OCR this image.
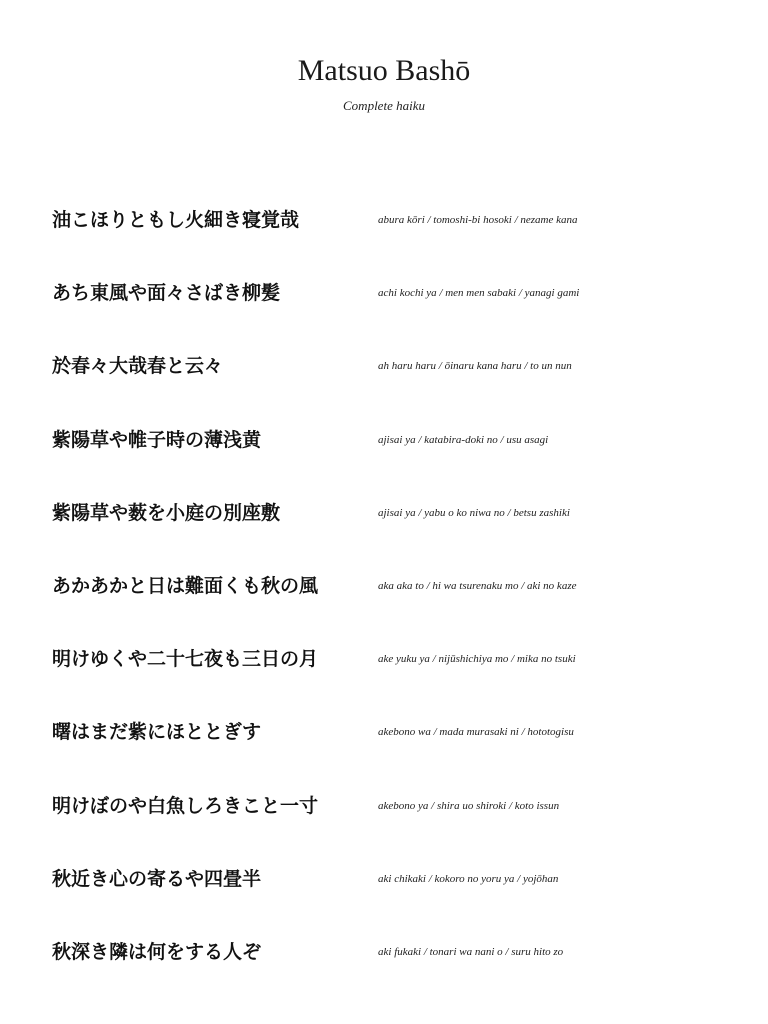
Matsuo Bashō
Complete haiku
油こほりともし火細き寝覚哉	abura kōri / tomoshi-bi hosoki / nezame kana
あち東風や面々さばき柳髪	achi kochi ya / men men sabaki / yanagi gami
於春々大哉春と云々	ah haru haru / ōinaru kana haru / to un nun
紫陽草や帷子時の薄浅黄	ajisai ya / katabira-doki no / usu asagi
紫陽草や薮を小庭の別座敷	ajisai ya / yabu o ko niwa no / betsu zashiki
あかあかと日は難面くも秋の風	aka aka to / hi wa tsurenaku mo / aki no kaze
明けゆくや二十七夜も三日の月	ake yuku ya / nijūshichiya mo / mika no tsuki
曙はまだ紫にほととぎす	akebono wa / mada murasaki ni / hototogisu
明けぼのや白魚しろきこと一寸	akebono ya / shira uo shiroki / koto issun
秋近き心の寄るや四畳半	aki chikaki / kokoro no yoru ya / yojōhan
秋深き隣は何をする人ぞ	aki fukaki / tonari wa nani o / suru hito zo
